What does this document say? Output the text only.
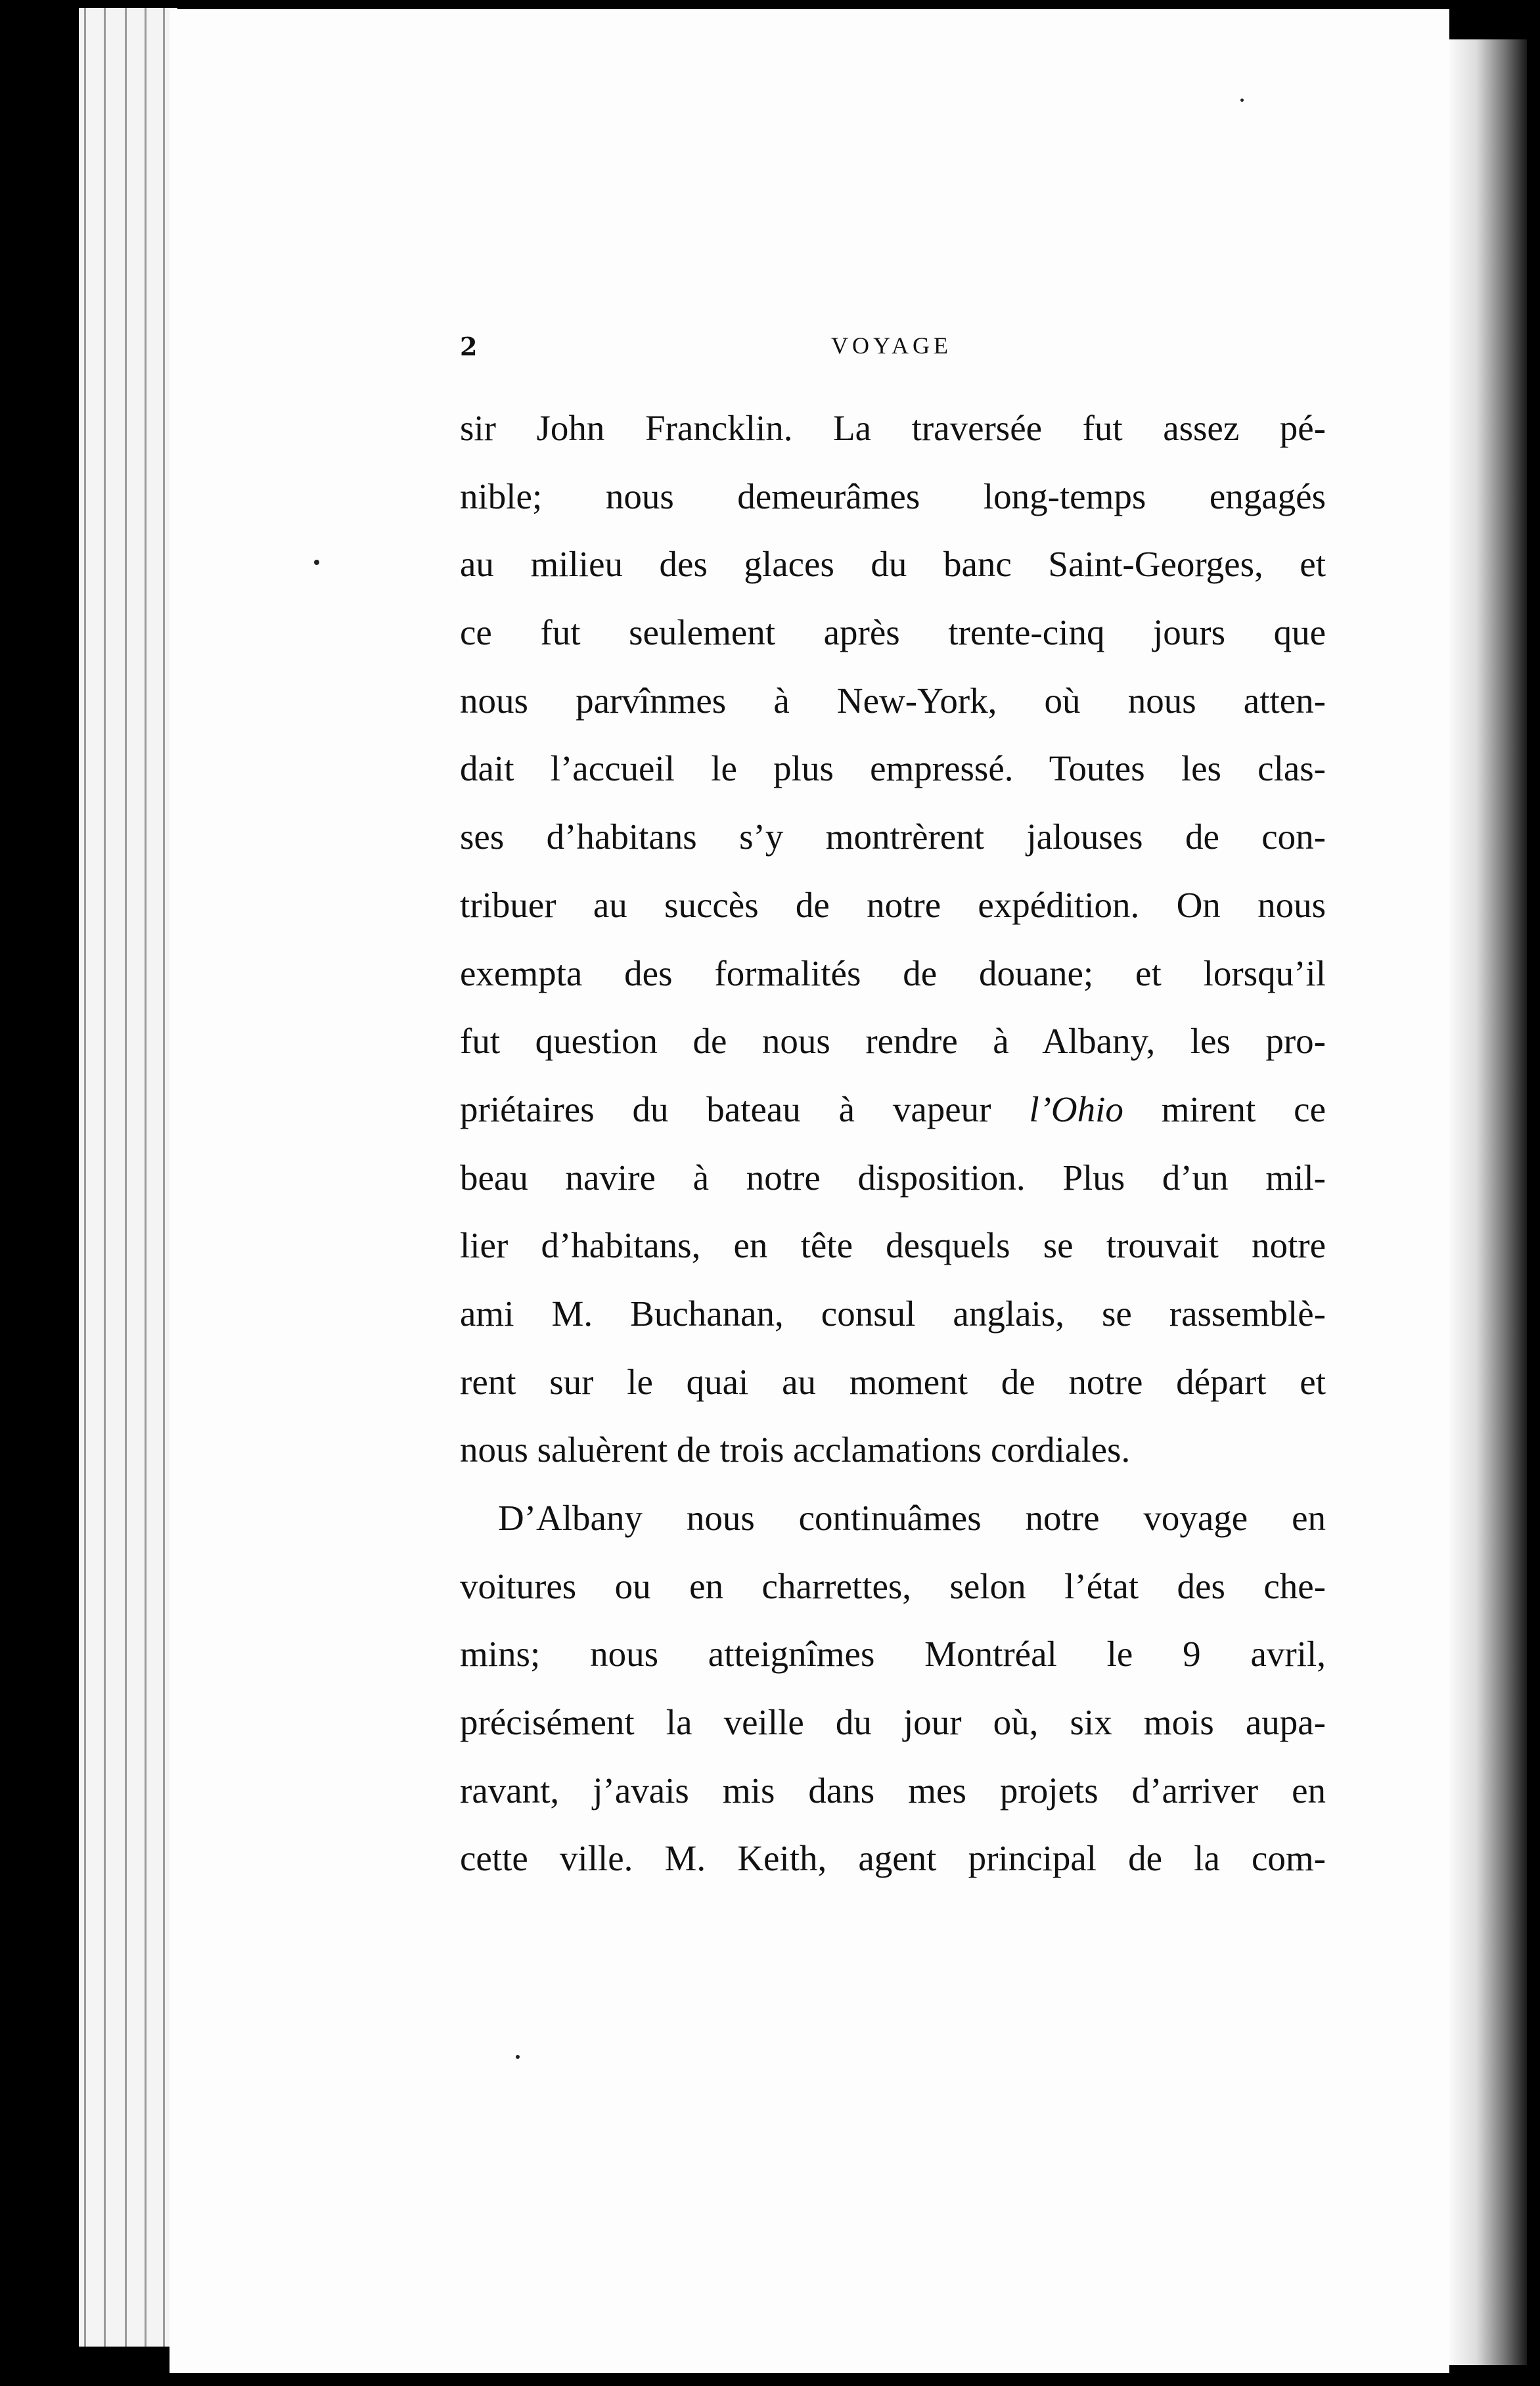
2	VOYAGE
sir John Francklin. La traversée fut assez pé-
nible; nous demeurâmes long-temps engagés
au milieu des glaces du banc Saint-Georges, et
ce fut seulement après trente-cinq jours que
nous parvînmes à New-York, où nous atten-
dait l’accueil le plus empressé. Toutes les clas-
ses d’habitans s’y montrèrent jalouses de con-
tribuer au succès de notre expédition. On nous
exempta des formalités de douane; et lorsqu’il
fut question de nous rendre à Albany, les pro-
priétaires du bateau à vapeur l’Ohio mirent ce
beau navire à notre disposition. Plus d’un mil-
lier d’habitans, en tête desquels se trouvait notre
ami M. Buchanan, consul anglais, se rassemblè-
rent sur le quai au moment de notre départ et
nous saluèrent de trois acclamations cordiales.
D’Albany nous continuâmes notre voyage en
voitures ou en charrettes, selon l’état des che-
mins; nous atteignîmes Montréal le 9 avril,
précisément la veille du jour où, six mois aupa-
ravant, j’avais mis dans mes projets d’arriver en
cette ville. M. Keith, agent principal de la com-
